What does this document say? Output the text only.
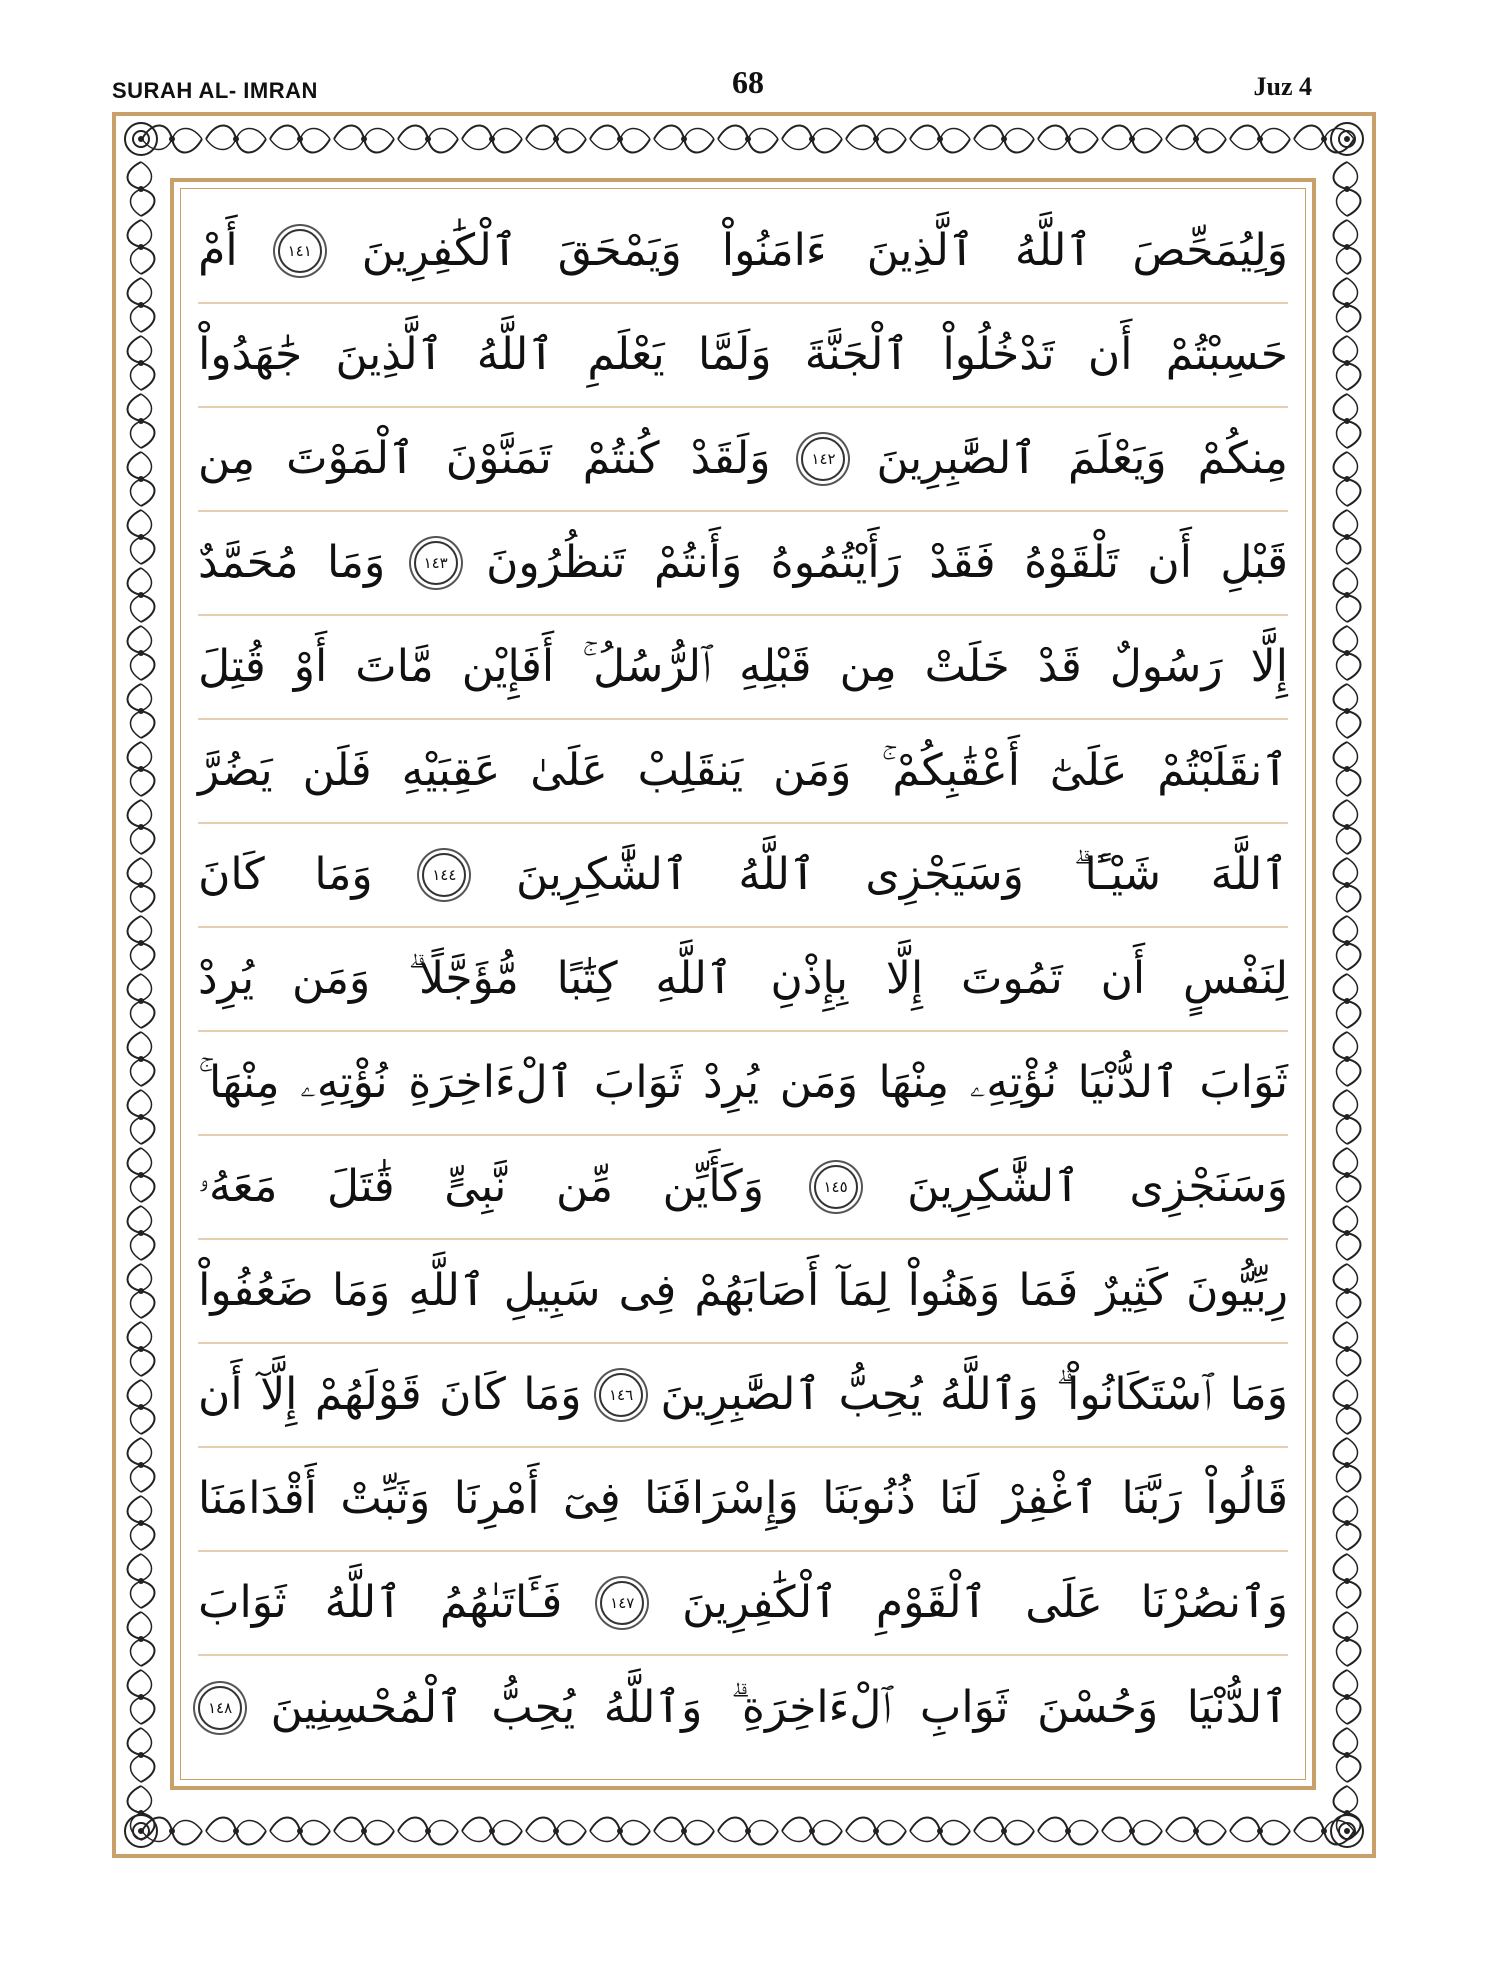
SURAH AL- IMRAN	68	Juz 4
وَلِيُمَحِّصَ
ٱللَّهُ
ٱلَّذِينَ
ءَامَنُواْ
وَيَمْحَقَ
ٱلْكَٰفِرِينَ
١٤١
أَمْ
حَسِبْتُمْ
أَن
تَدْخُلُواْ
ٱلْجَنَّةَ
وَلَمَّا
يَعْلَمِ
ٱللَّهُ
ٱلَّذِينَ
جَٰهَدُواْ
مِنكُمْ
وَيَعْلَمَ
ٱلصَّٰبِرِينَ
١٤٢
وَلَقَدْ
كُنتُمْ
تَمَنَّوْنَ
ٱلْمَوْتَ
مِن
قَبْلِ
أَن
تَلْقَوْهُ
فَقَدْ
رَأَيْتُمُوهُ
وَأَنتُمْ
تَنظُرُونَ
١٤٣
وَمَا
مُحَمَّدٌ
إِلَّا
رَسُولٌ
قَدْ
خَلَتْ
مِن
قَبْلِهِ
ٱلرُّسُلُ ۚ
أَفَإِيْن
مَّاتَ
أَوْ
قُتِلَ
ٱنقَلَبْتُمْ
عَلَىٰٓ
أَعْقَٰبِكُمْ ۚ
وَمَن
يَنقَلِبْ
عَلَىٰ
عَقِبَيْهِ
فَلَن
يَضُرَّ
ٱللَّهَ
شَيْـًٔا ۗ
وَسَيَجْزِى
ٱللَّهُ
ٱلشَّٰكِرِينَ
١٤٤
وَمَا
كَانَ
لِنَفْسٍ
أَن
تَمُوتَ
إِلَّا
بِإِذْنِ
ٱللَّهِ
كِتَٰبًا
مُّؤَجَّلًا ۗ
وَمَن
يُرِدْ
ثَوَابَ
ٱلدُّنْيَا
نُؤْتِهِۦ
مِنْهَا
وَمَن
يُرِدْ
ثَوَابَ
ٱلْءَاخِرَةِ
نُؤْتِهِۦ
مِنْهَا ۚ
وَسَنَجْزِى
ٱلشَّٰكِرِينَ
١٤٥
وَكَأَيِّن
مِّن
نَّبِىٍّ
قَٰتَلَ
مَعَهُۥ
رِبِّيُّونَ
كَثِيرٌ
فَمَا
وَهَنُواْ
لِمَآ
أَصَابَهُمْ
فِى
سَبِيلِ
ٱللَّهِ
وَمَا
ضَعُفُواْ
وَمَا
ٱسْتَكَانُواْ ۗ
وَٱللَّهُ
يُحِبُّ
ٱلصَّٰبِرِينَ
١٤٦
وَمَا
كَانَ
قَوْلَهُمْ
إِلَّآ
أَن
قَالُواْ
رَبَّنَا
ٱغْفِرْ
لَنَا
ذُنُوبَنَا
وَإِسْرَافَنَا
فِىٓ
أَمْرِنَا
وَثَبِّتْ
أَقْدَامَنَا
وَٱنصُرْنَا
عَلَى
ٱلْقَوْمِ
ٱلْكَٰفِرِينَ
١٤٧
فَـَٔاتَىٰهُمُ
ٱللَّهُ
ثَوَابَ
ٱلدُّنْيَا
وَحُسْنَ
ثَوَابِ
ٱلْءَاخِرَةِ ۗ
وَٱللَّهُ
يُحِبُّ
ٱلْمُحْسِنِينَ
١٤٨
